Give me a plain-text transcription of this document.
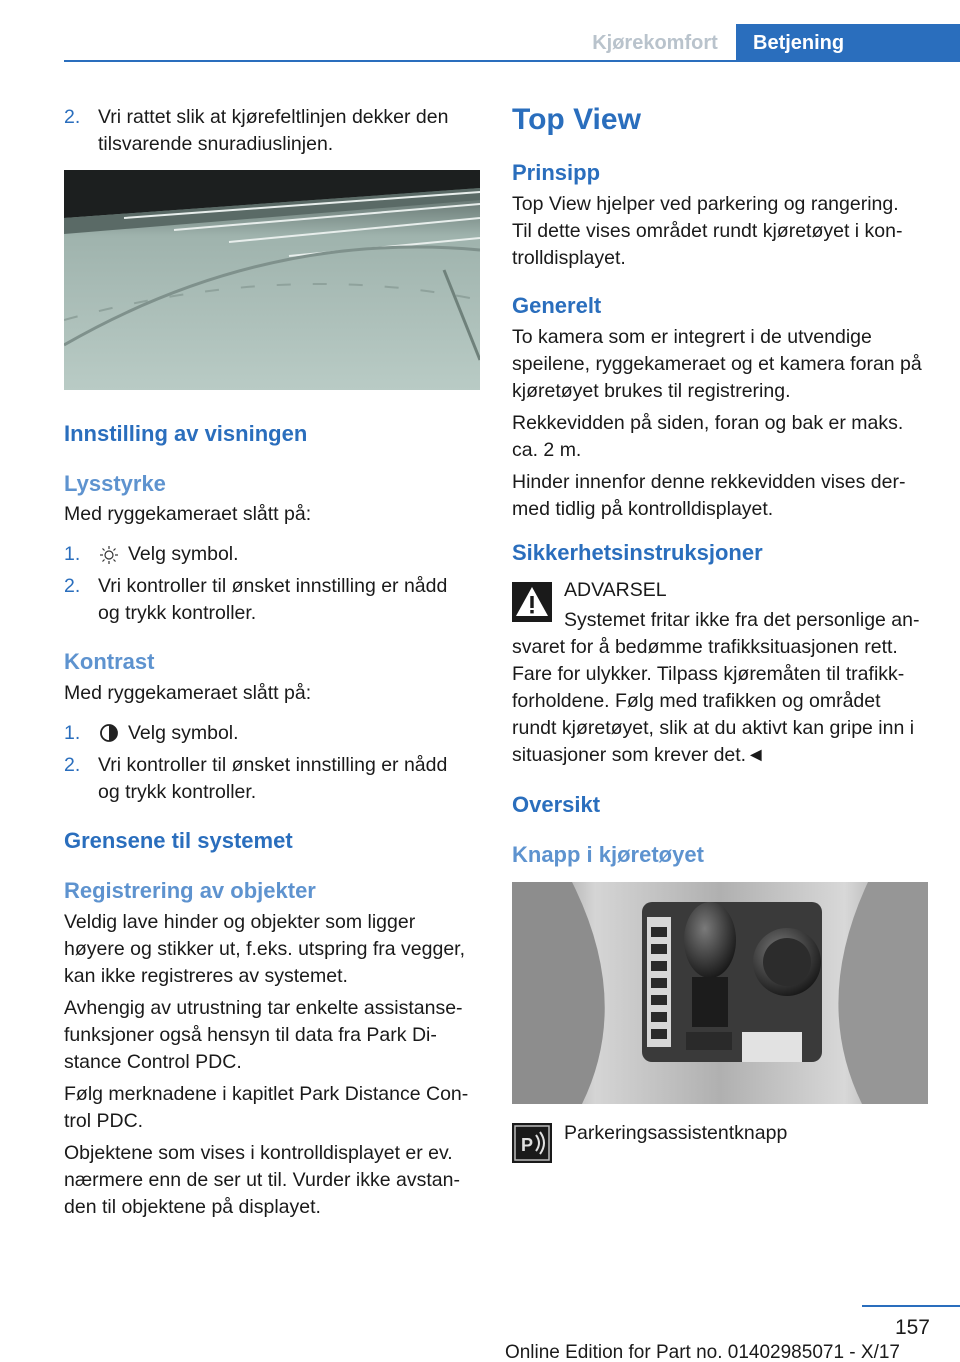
Kjørekomfort	Betjening
2. Vri rattet slik at kjørefeltlinjen dekker den
tilsvarende snuradiuslinjen.
Innstilling av visningen
Lysstyrke
Med ryggekameraet slått på:
1. Velg symbol.
2. Vri kontroller til ønsket innstilling er nådd
og trykk kontroller.
Kontrast
Med ryggekameraet slått på:
1. Velg symbol.
2. Vri kontroller til ønsket innstilling er nådd
og trykk kontroller.
Grensene til systemet
Registrering av objekter
Veldig lave hinder og objekter som ligger
høyere og stikker ut, f.eks. utspring fra vegger,
kan ikke registreres av systemet.
Avhengig av utrustning tar enkelte assistanse-
funksjoner også hensyn til data fra Park Di-
stance Control PDC.
Følg merknadene i kapitlet Park Distance Con-
trol PDC.
Objektene som vises i kontrolldisplayet er ev.
nærmere enn de ser ut til. Vurder ikke avstan-
den til objektene på displayet.
Top View
Prinsipp
Top View hjelper ved parkering og rangering.
Til dette vises området rundt kjøretøyet i kon-
trolldisplayet.
Generelt
To kamera som er integrert i de utvendige
speilene, ryggekameraet og et kamera foran på
kjøretøyet brukes til registrering.
Rekkevidden på siden, foran og bak er maks.
ca. 2 m.
Hinder innenfor denne rekkevidden vises der-
med tidlig på kontrolldisplayet.
Sikkerhetsinstruksjoner
ADVARSEL
Systemet fritar ikke fra det personlige an-
svaret for å bedømme trafikksituasjonen rett.
Fare for ulykker. Tilpass kjøremåten til trafikk-
forholdene. Følg med trafikken og området
rundt kjøretøyet, slik at du aktivt kan gripe inn i
situasjoner som krever det.◄
Oversikt
Knapp i kjøretøyet
P
Parkeringsassistentknapp
157
Online Edition for Part no. 01402985071 - X/17
